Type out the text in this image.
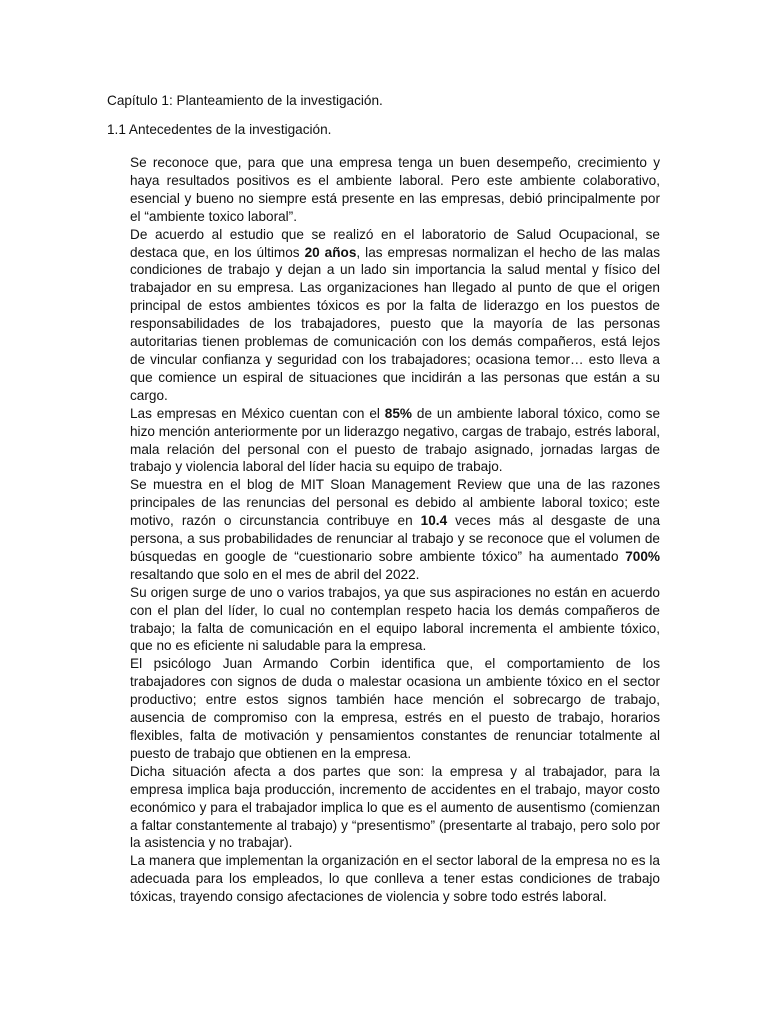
Capítulo 1: Planteamiento de la investigación.
1.1 Antecedentes de la investigación.

Se reconoce que, para que una empresa tenga un buen desempeño, crecimiento y haya resultados positivos es el ambiente laboral. Pero este ambiente colaborativo, esencial y bueno no siempre está presente en las empresas, debió principalmente por el “ambiente toxico laboral”.

De acuerdo al estudio que se realizó en el laboratorio de Salud Ocupacional, se destaca que, en los últimos 20 años, las empresas normalizan el hecho de las malas condiciones de trabajo y dejan a un lado sin importancia la salud mental y físico del trabajador en su empresa. Las organizaciones han llegado al punto de que el origen principal de estos ambientes tóxicos es por la falta de liderazgo en los puestos de responsabilidades de los trabajadores, puesto que la mayoría de las personas autoritarias tienen problemas de comunicación con los demás compañeros, está lejos de vincular confianza y seguridad con los trabajadores; ocasiona temor… esto lleva a que comience un espiral de situaciones que incidirán a las personas que están a su cargo.

Las empresas en México cuentan con el 85% de un ambiente laboral tóxico, como se hizo mención anteriormente por un liderazgo negativo, cargas de trabajo, estrés laboral, mala relación del personal con el puesto de trabajo asignado, jornadas largas de trabajo y violencia laboral del líder hacia su equipo de trabajo.

Se muestra en el blog de MIT Sloan Management Review que una de las razones principales de las renuncias del personal es debido al ambiente laboral toxico; este motivo, razón o circunstancia contribuye en 10.4 veces más al desgaste de una persona, a sus probabilidades de renunciar al trabajo y se reconoce que el volumen de búsquedas en google de “cuestionario sobre ambiente tóxico” ha aumentado 700% resaltando que solo en el mes de abril del 2022.

Su origen surge de uno o varios trabajos, ya que sus aspiraciones no están en acuerdo con el plan del líder, lo cual no contemplan respeto hacia los demás compañeros de trabajo; la falta de comunicación en el equipo laboral incrementa el ambiente tóxico, que no es eficiente ni saludable para la empresa.

El psicólogo Juan Armando Corbin identifica que, el comportamiento de los trabajadores con signos de duda o malestar ocasiona un ambiente tóxico en el sector productivo; entre estos signos también hace mención el sobrecargo de trabajo, ausencia de compromiso con la empresa, estrés en el puesto de trabajo, horarios flexibles, falta de motivación y pensamientos constantes de renunciar totalmente al puesto de trabajo que obtienen en la empresa.

Dicha situación afecta a dos partes que son: la empresa y al trabajador, para la empresa implica baja producción, incremento de accidentes en el trabajo, mayor costo económico y para el trabajador implica lo que es el aumento de ausentismo (comienzan a faltar constantemente al trabajo) y “presentismo” (presentarte al trabajo, pero solo por la asistencia y no trabajar).

La manera que implementan la organización en el sector laboral de la empresa no es la adecuada para los empleados, lo que conlleva a tener estas condiciones de trabajo tóxicas, trayendo consigo afectaciones de violencia y sobre todo estrés laboral.
